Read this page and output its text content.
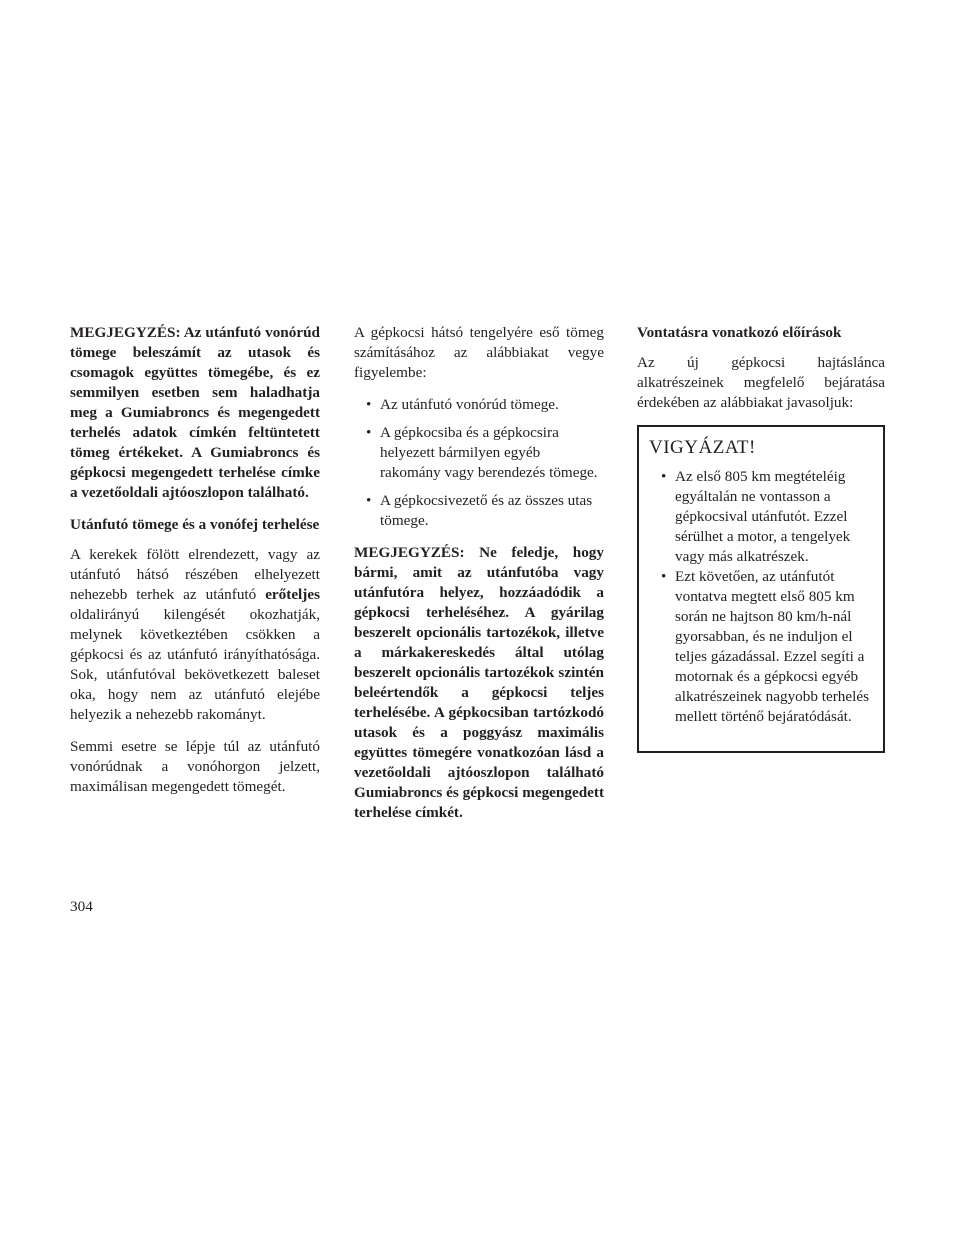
MEGJEGYZÉS: Az utánfutó vonórúd tömege beleszámít az utasok és csomagok együttes tömegébe, és ez semmilyen esetben sem haladhatja meg a Gumiabroncs és megengedett terhelés adatok címkén feltüntetett tömeg értékeket. A Gumiabroncs és gépkocsi megengedett terhelése címke a vezetőoldali ajtóoszlopon található.

Utánfutó tömege és a vonófej terhelése

A kerekek fölött elrendezett, vagy az utánfutó hátsó részében elhelyezett nehezebb terhek az utánfutó erőteljes oldalirányú kilengését okozhatják, melynek következtében csökken a gépkocsi és az utánfutó irányíthatósága. Sok, utánfutóval bekövetkezett baleset oka, hogy nem az utánfutó elejébe helyezik a nehezebb rakományt.

Semmi esetre se lépje túl az utánfutó vonórúdnak a vonóhorgon jelzett, maximálisan megengedett tömegét.

A gépkocsi hátsó tengelyére eső tömeg számításához az alábbiakat vegye figyelembe:

• Az utánfutó vonórúd tömege.
• A gépkocsiba és a gépkocsira helyezett bármilyen egyéb rakomány vagy berendezés tömege.
• A gépkocsivezető és az összes utas tömege.

MEGJEGYZÉS: Ne feledje, hogy bármi, amit az utánfutóba vagy utánfutóra helyez, hozzáadódik a gépkocsi terheléséhez. A gyárilag beszerelt opcionális tartozékok, illetve a márkakereskedés által utólag beszerelt opcionális tartozékok szintén beleértendők a gépkocsi teljes terhelésébe. A gépkocsiban tartózkodó utasok és a poggyász maximális együttes tömegére vonatkozóan lásd a vezetőoldali ajtóoszlopon található Gumiabroncs és gépkocsi megengedett terhelése címkét.

Vontatásra vonatkozó előírások

Az új gépkocsi hajtáslánca alkatrészeinek megfelelő bejáratása érdekében az alábbiakat javasoljuk:

VIGYÁZAT!
• Az első 805 km megtételéig egyáltalán ne vontasson a gépkocsival utánfutót. Ezzel sérülhet a motor, a tengelyek vagy más alkatrészek.
• Ezt követően, az utánfutót vontatva megtett első 805 km során ne hajtson 80 km/h-nál gyorsabban, és ne induljon el teljes gázadással. Ezzel segíti a motornak és a gépkocsi egyéb alkatrészeinek nagyobb terhelés mellett történő bejáratódását.
304
